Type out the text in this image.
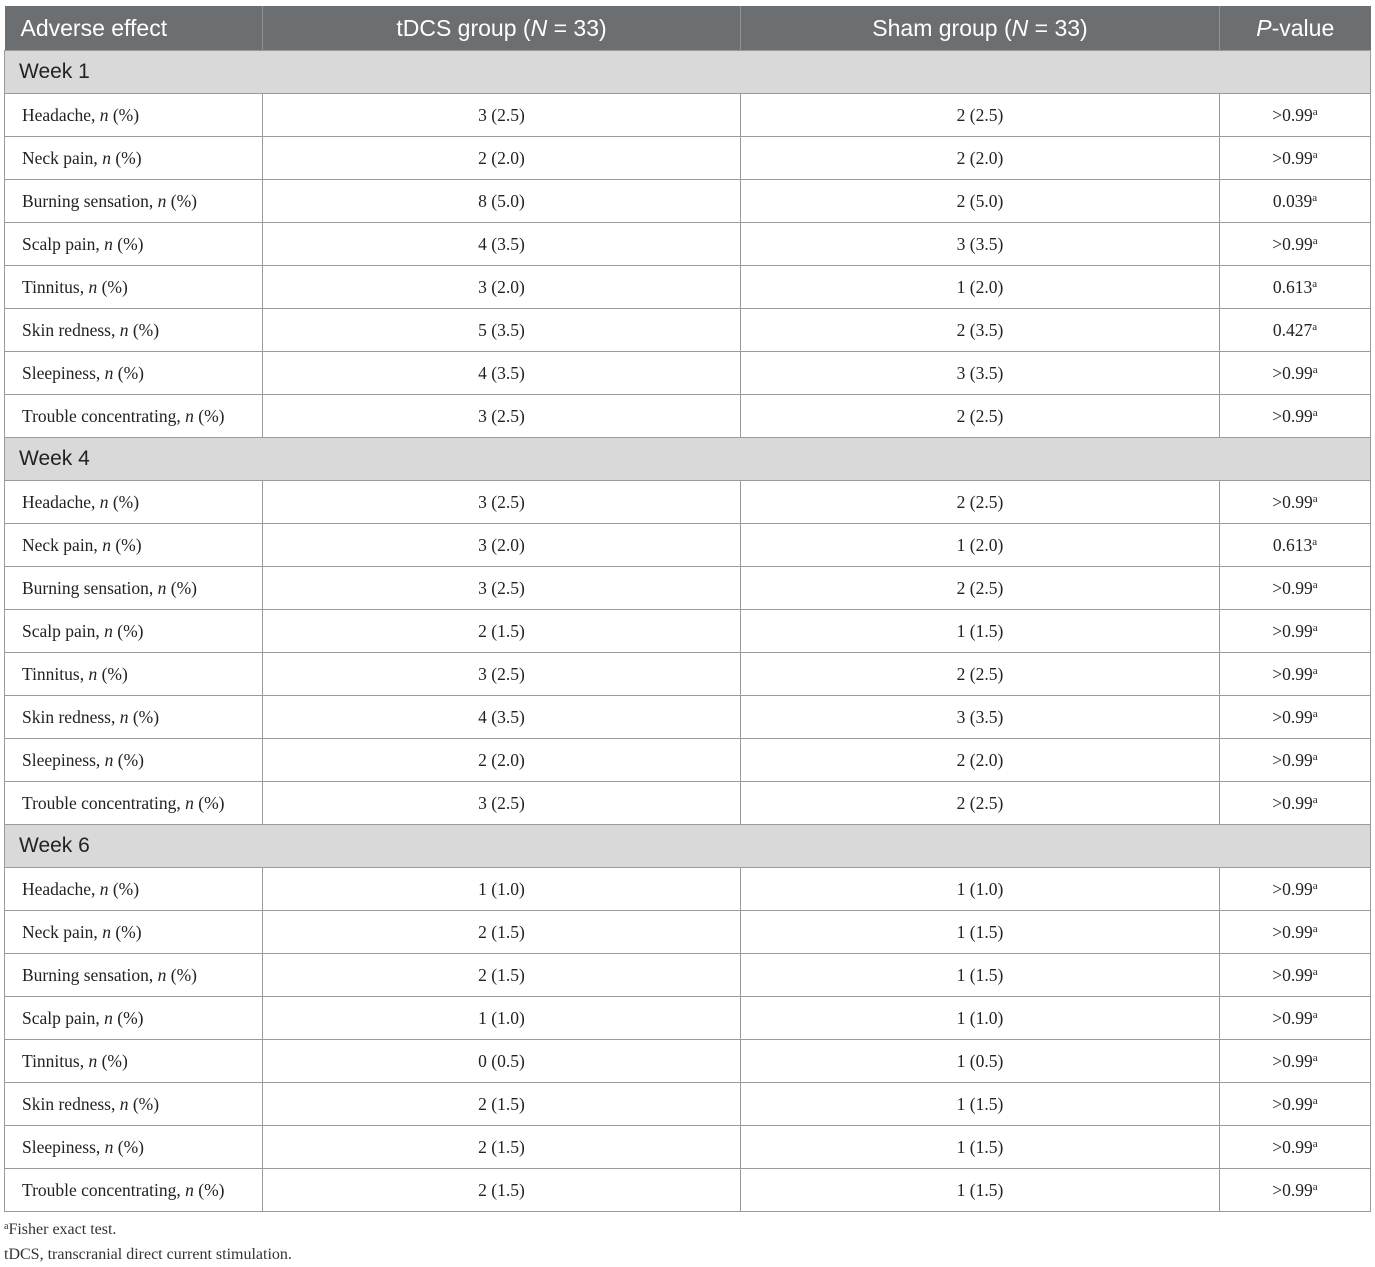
Adverse effect	tDCS group (N = 33)	Sham group (N = 33)	P-value
Week 1			
Headache, n (%)	3 (2.5)	2 (2.5)	>0.99$^a$
Neck pain, n (%)	2 (2.0)	2 (2.0)	>0.99$^a$
Burning sensation, n (%)	8 (5.0)	2 (5.0)	0.039$^a$
Scalp pain, n (%)	4 (3.5)	3 (3.5)	>0.99$^a$
Tinnitus, n (%)	3 (2.0)	1 (2.0)	0.613$^a$
Skin redness, n (%)	5 (3.5)	2 (3.5)	0.427$^a$
Sleepiness, n (%)	4 (3.5)	3 (3.5)	>0.99$^a$
Trouble concentrating, n (%)	3 (2.5)	2 (2.5)	>0.99$^a$
Week 4			
Headache, n (%)	3 (2.5)	2 (2.5)	>0.99$^a$
Neck pain, n (%)	3 (2.0)	1 (2.0)	0.613$^a$
Burning sensation, n (%)	3 (2.5)	2 (2.5)	>0.99$^a$
Scalp pain, n (%)	2 (1.5)	1 (1.5)	>0.99$^a$
Tinnitus, n (%)	3 (2.5)	2 (2.5)	>0.99$^a$
Skin redness, n (%)	4 (3.5)	3 (3.5)	>0.99$^a$
Sleepiness, n (%)	2 (2.0)	2 (2.0)	>0.99$^a$
Trouble concentrating, n (%)	3 (2.5)	2 (2.5)	>0.99$^a$
Week 6			
Headache, n (%)	1 (1.0)	1 (1.0)	>0.99$^a$
Neck pain, n (%)	2 (1.5)	1 (1.5)	>0.99$^a$
Burning sensation, n (%)	2 (1.5)	1 (1.5)	>0.99$^a$
Scalp pain, n (%)	1 (1.0)	1 (1.0)	>0.99$^a$
Tinnitus, n (%)	0 (0.5)	1 (0.5)	>0.99$^a$
Skin redness, n (%)	2 (1.5)	1 (1.5)	>0.99$^a$
Sleepiness, n (%)	2 (1.5)	1 (1.5)	>0.99$^a$
Trouble concentrating, n (%)	2 (1.5)	1 (1.5)	>0.99$^a$
$^a$Fisher exact test.
tDCS, transcranial direct current stimulation.
